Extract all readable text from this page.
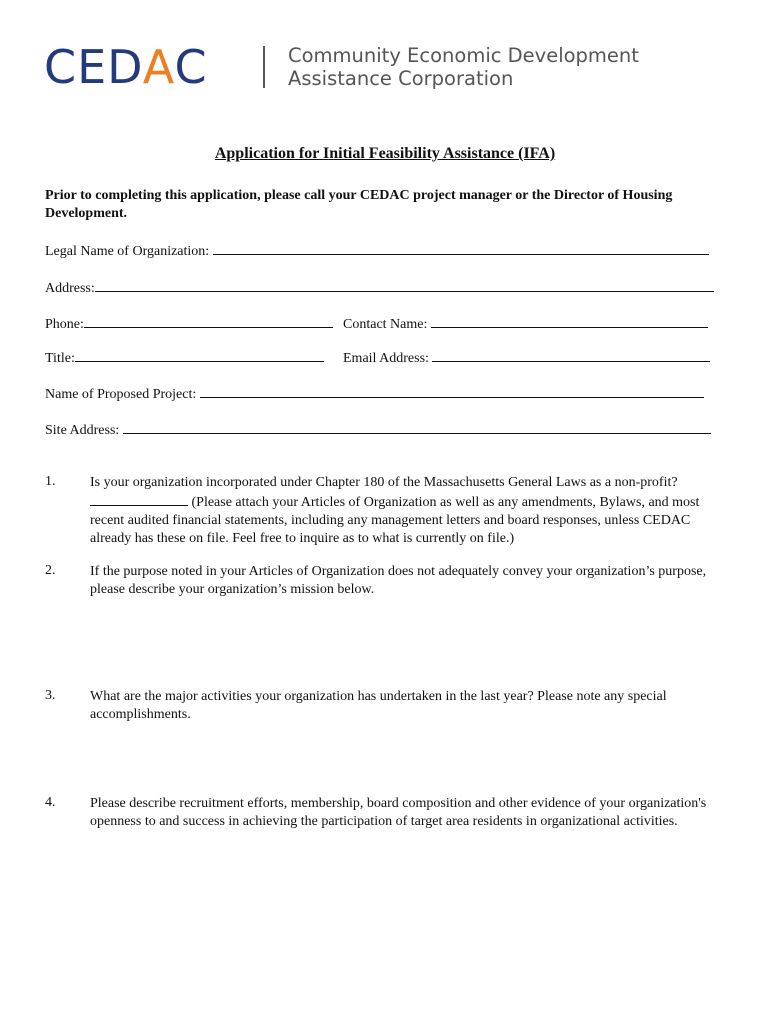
CEDAC	Community Economic Development
Assistance Corporation
Application for Initial Feasibility Assistance (IFA)
Prior to completing this application, please call your CEDAC project manager or the Director of Housing Development.
Legal Name of Organization:
Address:
Phone:	Contact Name:
Title:	Email Address:
Name of Proposed Project:
Site Address:
1. Is your organization incorporated under Chapter 180 of the Massachusetts General Laws as a non-profit?  (Please attach your Articles of Organization as well as any amendments, Bylaws, and most recent audited financial statements, including any management letters and board responses, unless CEDAC already has these on file. Feel free to inquire as to what is currently on file.)
2. If the purpose noted in your Articles of Organization does not adequately convey your organization’s purpose, please describe your organization’s mission below.
3. What are the major activities your organization has undertaken in the last year? Please note any special accomplishments.
4. Please describe recruitment efforts, membership, board composition and other evidence of your organization's openness to and success in achieving the participation of target area residents in organizational activities.
